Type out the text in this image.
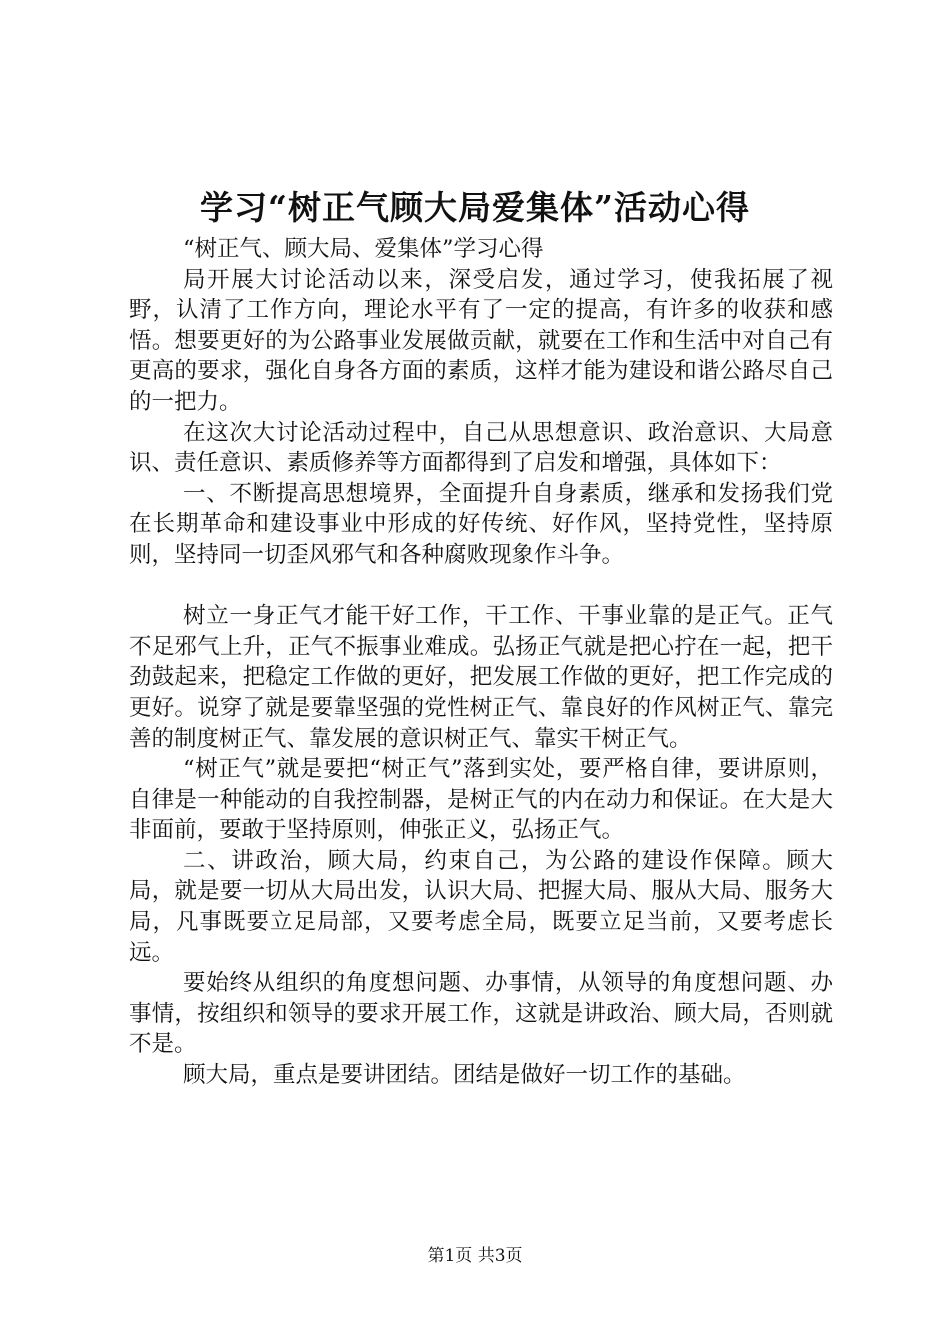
学习“树正气顾大局爱集体”活动心得

“树正气、顾大局、爱集体”学习心得

局开展大讨论活动以来，深受启发，通过学习，使我拓展了视野，认清了工作方向，理论水平有了一定的提高，有许多的收获和感悟。想要更好的为公路事业发展做贡献，就要在工作和生活中对自己有更高的要求，强化自身各方面的素质，这样才能为建设和谐公路尽自己的一把力。

在这次大讨论活动过程中，自己从思想意识、政治意识、大局意识、责任意识、素质修养等方面都得到了启发和增强，具体如下：

一、不断提高思想境界，全面提升自身素质，继承和发扬我们党在长期革命和建设事业中形成的好传统、好作风，坚持党性，坚持原则，坚持同一切歪风邪气和各种腐败现象作斗争。

树立一身正气才能干好工作，干工作、干事业靠的是正气。正气不足邪气上升，正气不振事业难成。弘扬正气就是把心拧在一起，把干劲鼓起来，把稳定工作做的更好，把发展工作做的更好，把工作完成的更好。说穿了就是要靠坚强的党性树正气、靠良好的作风树正气、靠完善的制度树正气、靠发展的意识树正气、靠实干树正气。

“树正气”就是要把“树正气”落到实处，要严格自律，要讲原则，自律是一种能动的自我控制器，是树正气的内在动力和保证。在大是大非面前，要敢于坚持原则，伸张正义，弘扬正气。

二、讲政治，顾大局，约束自己，为公路的建设作保障。顾大局，就是要一切从大局出发，认识大局、把握大局、服从大局、服务大局，凡事既要立足局部，又要考虑全局，既要立足当前，又要考虑长远。

要始终从组织的角度想问题、办事情，从领导的角度想问题、办事情，按组织和领导的要求开展工作，这就是讲政治、顾大局，否则就不是。

顾大局，重点是要讲团结。团结是做好一切工作的基础。

第1页 共3页
